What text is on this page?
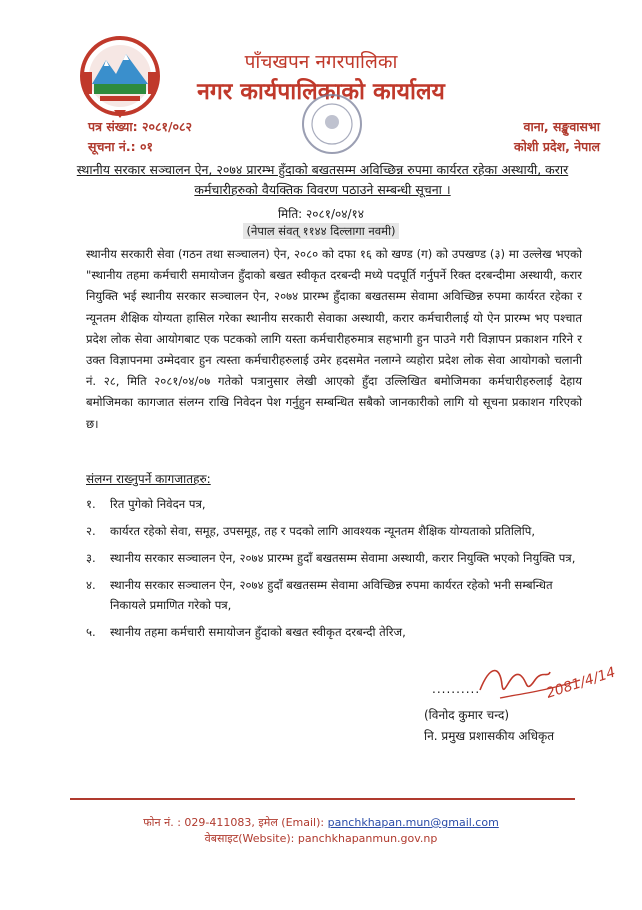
पाँचखपन नगरपालिका
नगर कार्यपालिकाको कार्यालय
पत्र संख्या: २०८१/०८२
सूचना नं.: ०१
वाना, सङ्खुवासभा
कोशी प्रदेश, नेपाल
स्थानीय सरकार सञ्चालन ऐन, २०७४ प्रारम्भ हुँदाको बखतसम्म अविच्छिन्न रुपमा कार्यरत रहेका अस्थायी, करार कर्मचारीहरुको वैयक्तिक विवरण पठाउने सम्बन्धी सूचना ।
मिति: २०८१/०४/१४
(नेपाल संवत् ११४४ दिल्लागा नवमी)
स्थानीय सरकारी सेवा (गठन तथा सञ्चालन) ऐन, २०८० को दफा १६ को खण्ड (ग) को उपखण्ड (३) मा उल्लेख भएको "स्थानीय तहमा कर्मचारी समायोजन हुँदाको बखत स्वीकृत दरबन्दी मध्ये पदपूर्ति गर्नुपर्ने रिक्त दरबन्दीमा अस्थायी, करार नियुक्ति भई स्थानीय सरकार सञ्चालन ऐन, २०७४ प्रारम्भ हुँदाका बखतसम्म सेवामा अविच्छिन्न रुपमा कार्यरत रहेका र न्यूनतम शैक्षिक योग्यता हासिल गरेका स्थानीय सरकारी सेवाका अस्थायी, करार कर्मचारीलाई यो ऐन प्रारम्भ भए पश्चात प्रदेश लोक सेवा आयोगबाट एक पटकको लागि यस्ता कर्मचारीहरुमात्र सहभागी हुन पाउने गरी विज्ञापन प्रकाशन गरिने र उक्त विज्ञापनमा उम्मेदवार हुन त्यस्ता कर्मचारीहरुलाई उमेर हदसमेत नलाग्ने व्यहोरा प्रदेश लोक सेवा आयोगको चलानी नं. २८, मिति २०८१/०४/०७ गतेको पत्रानुसार लेखी आएको हुँदा उल्लिखित बमोजिमका कर्मचारीहरुलाई देहाय बमोजिमका कागजात संलग्न राखि निवेदन पेश गर्नुहुन सम्बन्धित सबैको जानकारीको लागि यो सूचना प्रकाशन गरिएको छ।
संलग्न राख्नुपर्ने कागजातहरु:
१.	रित पुगेको निवेदन पत्र,
२.	कार्यरत रहेको सेवा, समूह, उपसमूह, तह र पदको लागि आवश्यक न्यूनतम शैक्षिक योग्यताको प्रतिलिपि,
३.	स्थानीय सरकार सञ्चालन ऐन, २०७४ प्रारम्भ हुदाँ बखतसम्म सेवामा अस्थायी, करार नियुक्ति भएको नियुक्ति पत्र,
४.	स्थानीय सरकार सञ्चालन ऐन, २०७४ हुदाँ बखतसम्म सेवामा अविच्छिन्न रुपमा कार्यरत रहेको भनी सम्बन्धित निकायले प्रमाणित गरेको पत्र,
५.	स्थानीय तहमा कर्मचारी समायोजन हुँदाको बखत स्वीकृत दरबन्दी तेरिज,
..........	2081/4/14
(विनोद कुमार चन्द)
नि. प्रमुख प्रशासकीय अधिकृत
फोन नं. : 029-411083, इमेल (Email): panchkhapan.mun@gmail.com
वेबसाइट(Website): panchkhapanmun.gov.np
